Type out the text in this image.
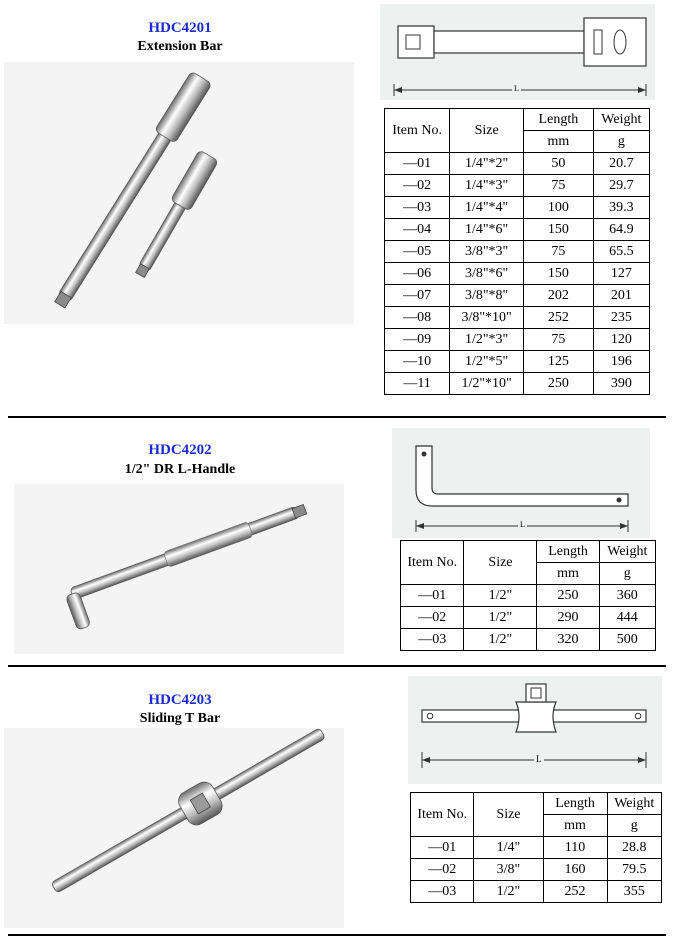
HDC4201
Extension Bar
L
Item No.	Size	Length	Weight
		mm	g
—01	1/4"*2"	50	20.7
—02	1/4"*3"	75	29.7
—03	1/4"*4"	100	39.3
—04	1/4"*6"	150	64.9
—05	3/8"*3"	75	65.5
—06	3/8"*6"	150	127
—07	3/8"*8"	202	201
—08	3/8"*10"	252	235
—09	1/2"*3"	75	120
—10	1/2"*5"	125	196
—11	1/2"*10"	250	390
HDC4202
1/2" DR L-Handle
L
Item No.	Size	Length	Weight
		mm	g
—01	1/2"	250	360
—02	1/2"	290	444
—03	1/2"	320	500
HDC4203
Sliding T Bar
L
Item No.	Size	Length	Weight
		mm	g
—01	1/4"	110	28.8
—02	3/8"	160	79.5
—03	1/2"	252	355
